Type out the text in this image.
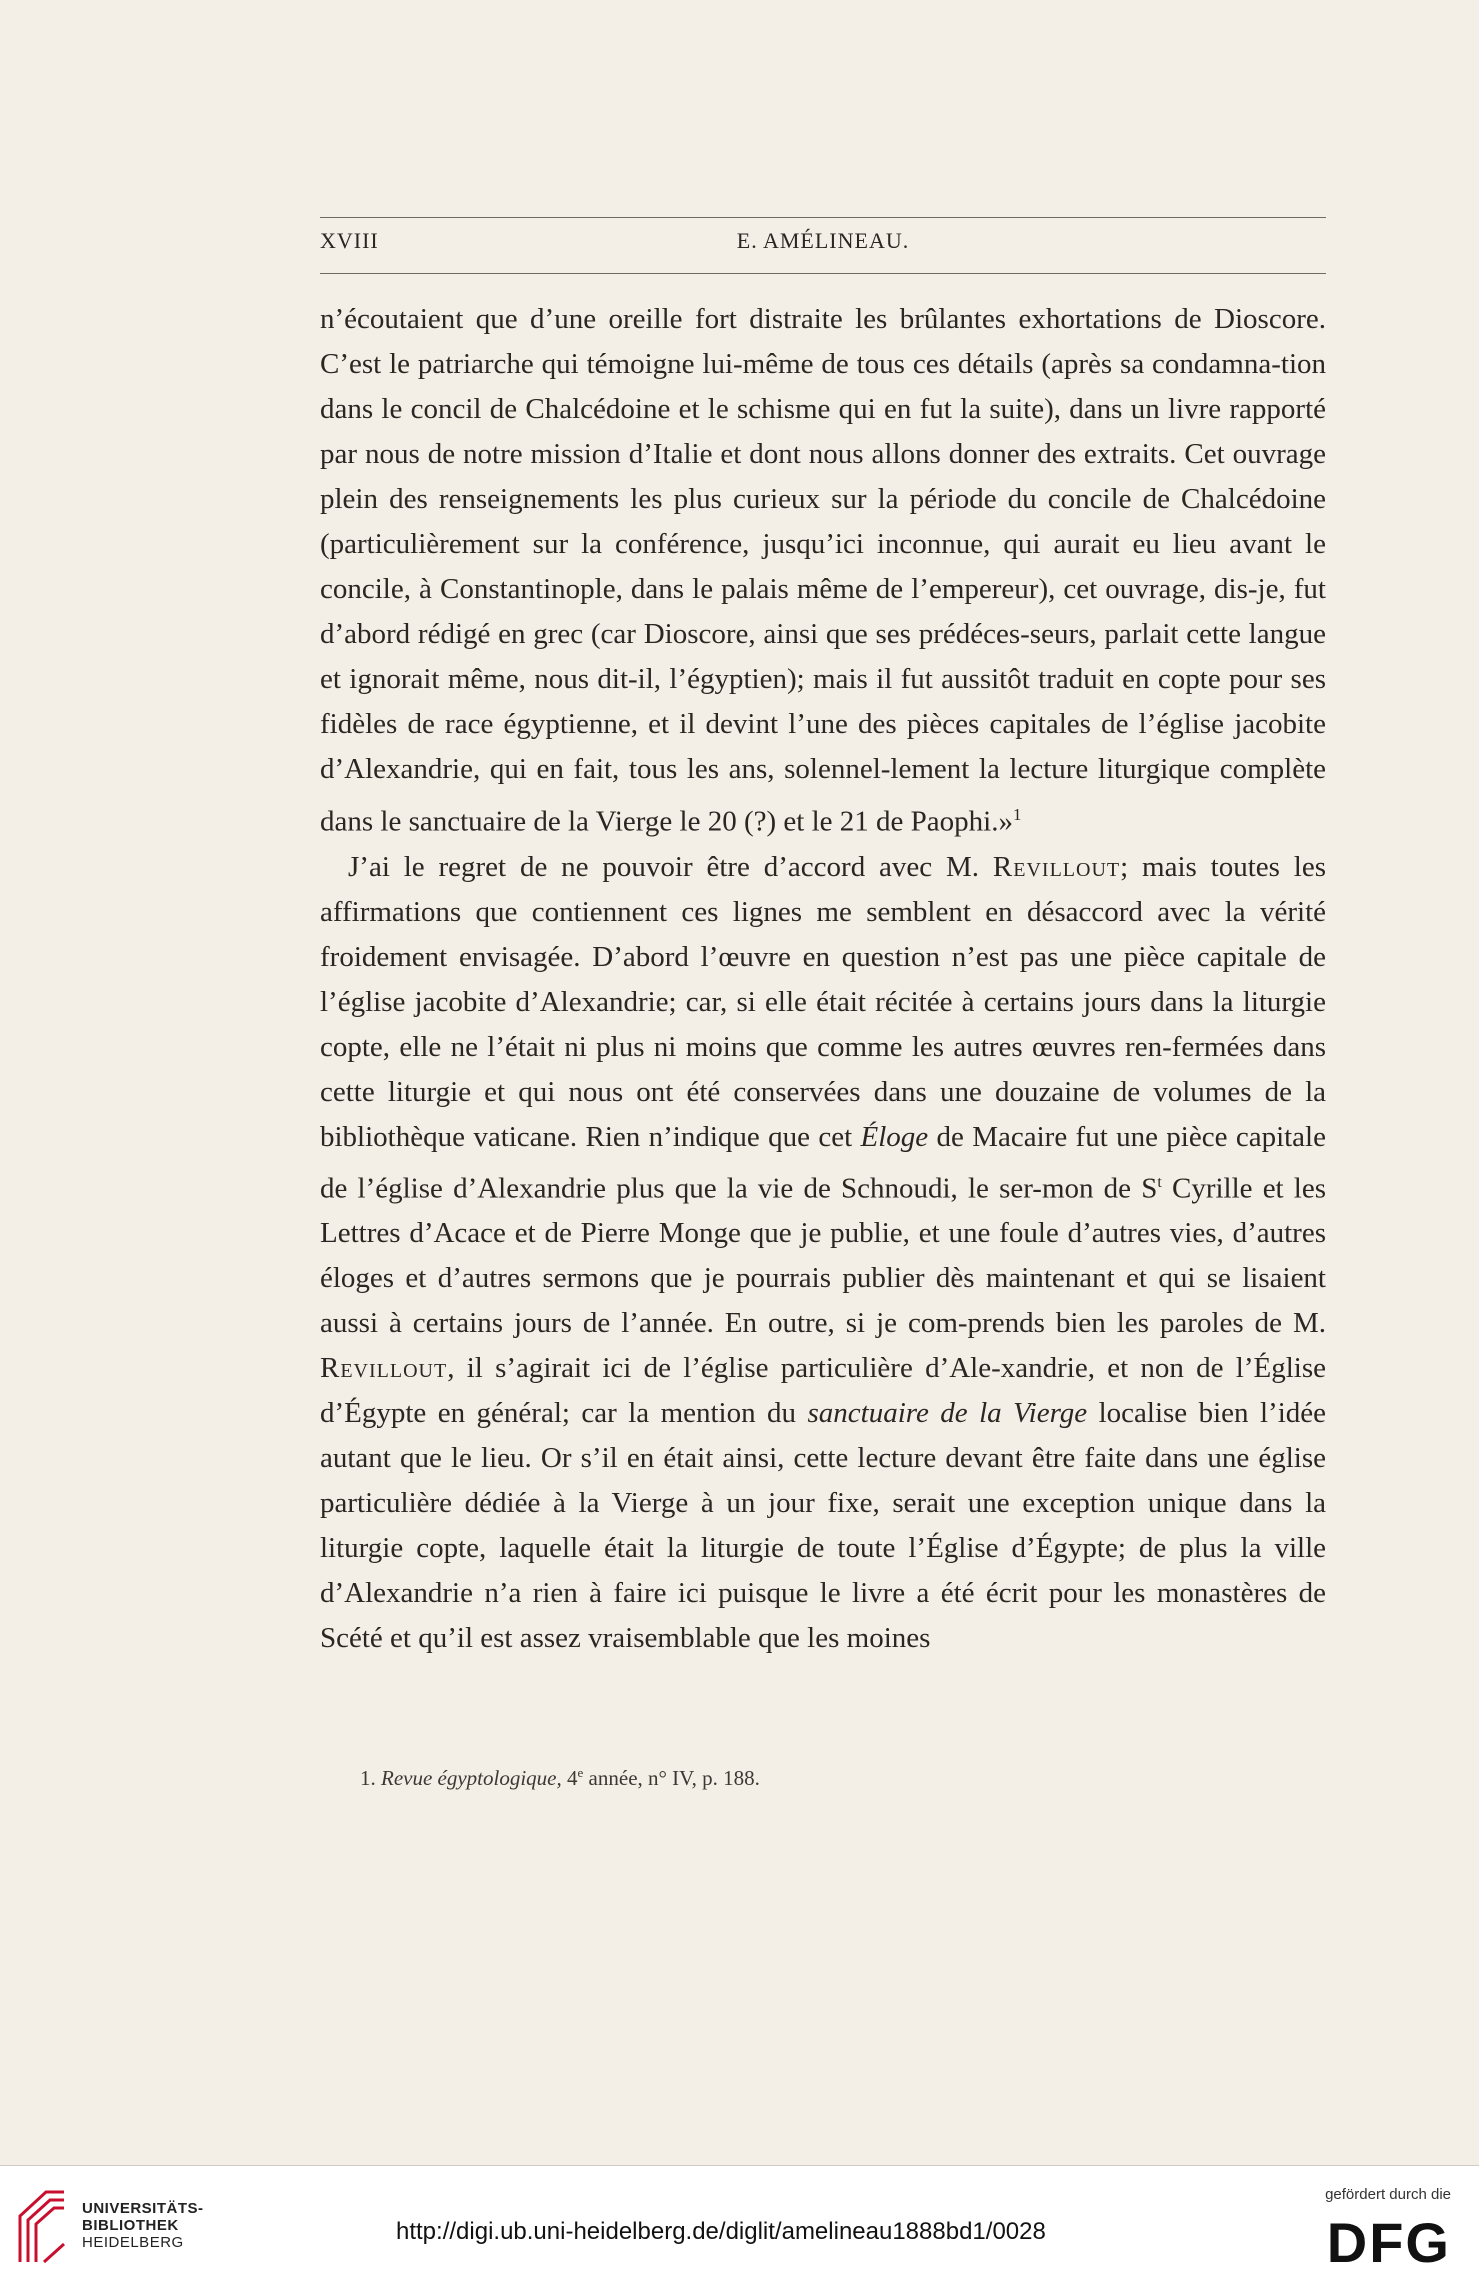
XVIII	E. AMÉLINEAU.

n’écoutaient que d’une oreille fort distraite les brûlantes exhortations de Dioscore. C’est le patriarche qui témoigne lui-même de tous ces détails (après sa condamna-tion dans le concil de Chalcédoine et le schisme qui en fut la suite), dans un livre rapporté par nous de notre mission d’Italie et dont nous allons donner des extraits. Cet ouvrage plein des renseignements les plus curieux sur la période du concile de Chalcédoine (particulièrement sur la conférence, jusqu’ici inconnue, qui aurait eu lieu avant le concile, à Constantinople, dans le palais même de l’empereur), cet ouvrage, dis-je, fut d’abord rédigé en grec (car Dioscore, ainsi que ses prédéces-seurs, parlait cette langue et ignorait même, nous dit-il, l’égyptien); mais il fut aussitôt traduit en copte pour ses fidèles de race égyptienne, et il devint l’une des pièces capitales de l’église jacobite d’Alexandrie, qui en fait, tous les ans, solennel-lement la lecture liturgique complète dans le sanctuaire de la Vierge le 20 (?) et le 21 de Paophi.»$^1$

J’ai le regret de ne pouvoir être d’accord avec M. Revillout; mais toutes les affirmations que contiennent ces lignes me semblent en désaccord avec la vérité froidement envisagée. D’abord l’œuvre en question n’est pas une pièce capitale de l’église jacobite d’Alexandrie; car, si elle était récitée à certains jours dans la liturgie copte, elle ne l’était ni plus ni moins que comme les autres œuvres ren-fermées dans cette liturgie et qui nous ont été conservées dans une douzaine de volumes de la bibliothèque vaticane. Rien n’indique que cet Éloge de Macaire fut une pièce capitale de l’église d’Alexandrie plus que la vie de Schnoudi, le ser-mon de $S^t$ Cyrille et les Lettres d’Acace et de Pierre Monge que je publie, et une foule d’autres vies, d’autres éloges et d’autres sermons que je pourrais publier dès maintenant et qui se lisaient aussi à certains jours de l’année. En outre, si je com-prends bien les paroles de M. Revillout, il s’agirait ici de l’église particulière d’Ale-xandrie, et non de l’Église d’Égypte en général; car la mention du sanctuaire de la Vierge localise bien l’idée autant que le lieu. Or s’il en était ainsi, cette lecture devant être faite dans une église particulière dédiée à la Vierge à un jour fixe, serait une exception unique dans la liturgie copte, laquelle était la liturgie de toute l’Église d’Égypte; de plus la ville d’Alexandrie n’a rien à faire ici puisque le livre a été écrit pour les monastères de Scété et qu’il est assez vraisemblable que les moines

1. Revue égyptologique, 4e année, n° IV, p. 188.
UNIVERSITÄTS-
BIBLIOTHEK
HEIDELBERG	http://digi.ub.uni-heidelberg.de/diglit/amelineau1888bd1/0028
gefördert durch die
DFG
